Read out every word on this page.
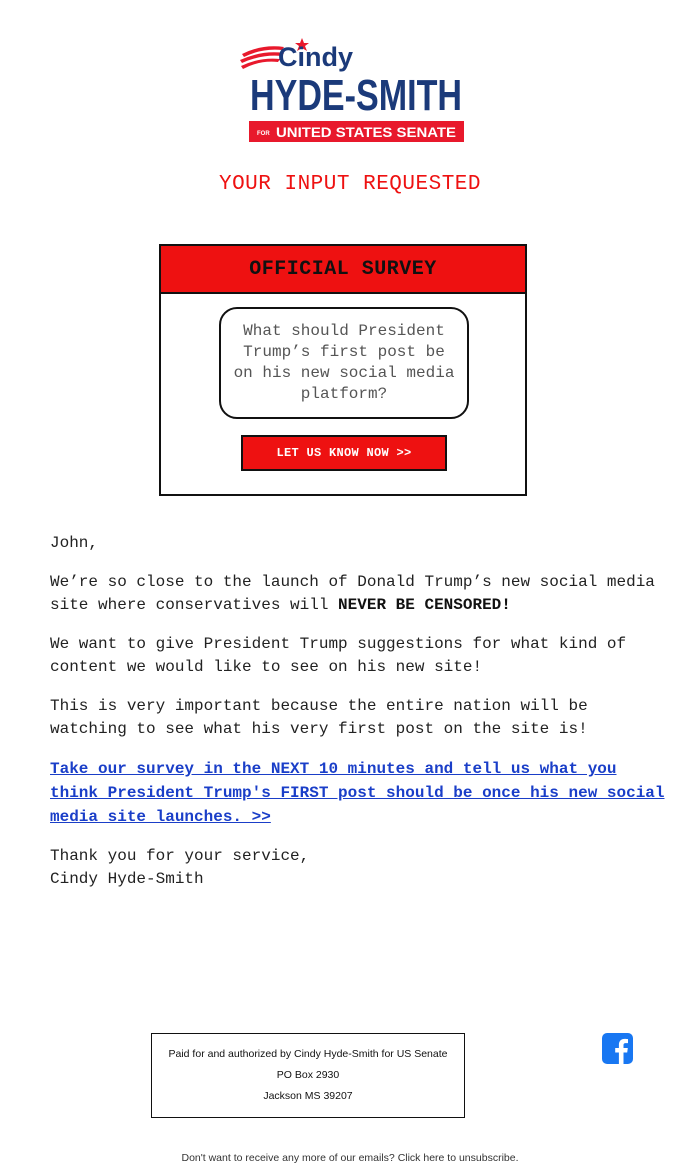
Cindy
HYDE-SMITH
FOR UNITED STATES SENATE
YOUR INPUT REQUESTED
OFFICIAL SURVEY
What should President Trump’s first post be on his new social media platform?
LET US KNOW NOW >>

John,

We’re so close to the launch of Donald Trump’s new social media site where conservatives will NEVER BE CENSORED!

We want to give President Trump suggestions for what kind of content we would like to see on his new site!

This is very important because the entire nation will be watching to see what his very first post on the site is!

Take our survey in the NEXT 10 minutes and tell us what you think President Trump's FIRST post should be once his new social media site launches. >>

Thank you for your service,
Cindy Hyde-Smith
Paid for and authorized by Cindy Hyde-Smith for US Senate
PO Box 2930
Jackson MS 39207
Don't want to receive any more of our emails? Click here to unsubscribe.
